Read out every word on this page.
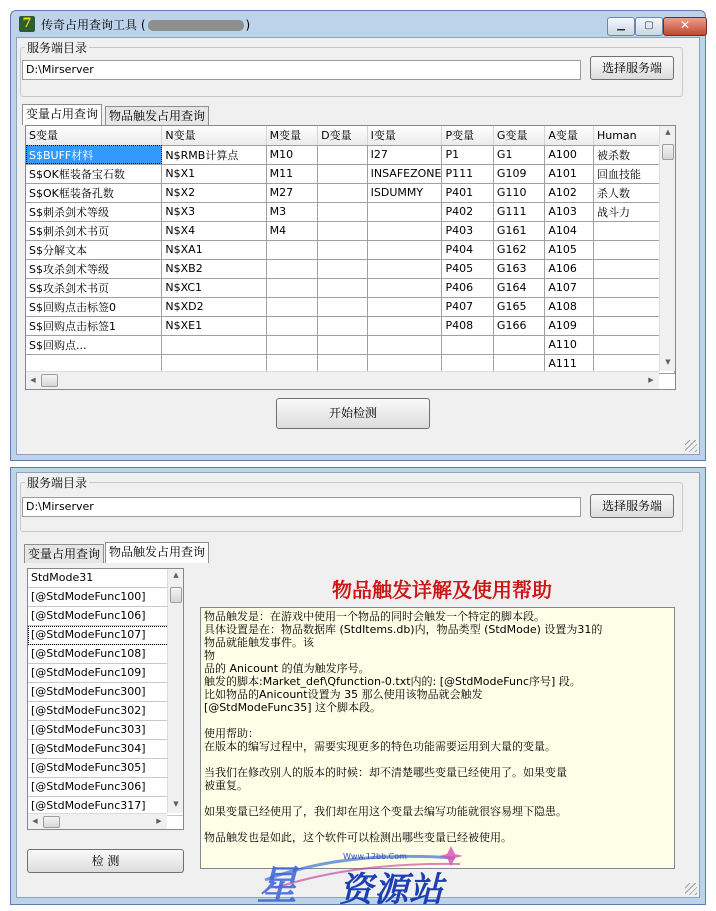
7 传奇占用查询工具 (	)	▁	▢	✕
服务端目录
D:\Mirserver	选择服务端
变量占用查询 物品触发占用查询
S变量	N变量	M变量	D变量	I变量	P变量	G变量	A变量	Human
S$BUFF材料	N$RMB计算点	M10		I27	P1	G1	A100	被杀数
S$OK框装备宝石数	N$X1	M11		INSAFEZONE	P111	G109	A101	回血技能
S$OK框装备孔数	N$X2	M27		ISDUMMY	P401	G110	A102	杀人数
S$刺杀剑术等级	N$X3	M3			P402	G111	A103	战斗力
S$刺杀剑术书页	N$X4	M4			P403	G161	A104	
S$分解文本	N$XA1				P404	G162	A105	
S$攻杀剑术等级	N$XB2				P405	G163	A106	
S$攻杀剑术书页	N$XC1				P406	G164	A107	
S$回购点击标签0	N$XD2				P407	G165	A108	
S$回购点击标签1	N$XE1				P408	G166	A109	
S$回购点...							A110	
							A111	
▲
▼
◀	▶
开始检测
服务端目录
D:\Mirserver	选择服务端
变量占用查询 物品触发占用查询
StdMode31
[@StdModeFunc100]
[@StdModeFunc106]
[@StdModeFunc107]
[@StdModeFunc108]
[@StdModeFunc109]
[@StdModeFunc300]
[@StdModeFunc302]
[@StdModeFunc303]
[@StdModeFunc304]
[@StdModeFunc305]
[@StdModeFunc306]
[@StdModeFunc317]
▲
▼
◀	▶
检 测
物品触发详解及使用帮助
物品触发是：在游戏中使用一个物品的同时会触发一个特定的脚本段。
具体设置是在：物品数据库 (StdItems.db)内，物品类型 (StdMode) 设置为31的
物品就能触发事件。该
物
品的 Anicount 的值为触发序号。
触发的脚本:Market_def\Qfunction-0.txt内的: [@StdModeFunc序号] 段。
比如物品的Anicount设置为 35 那么使用该物品就会触发
[@StdModeFunc35] 这个脚本段。

使用帮助：
在版本的编写过程中，需要实现更多的特色功能需要运用到大量的变量。

当我们在修改别人的版本的时候：却不清楚哪些变量已经使用了。如果变量
被重复。

如果变量已经使用了，我们却在用这个变量去编写功能就很容易埋下隐患。

物品触发也是如此，这个软件可以检测出哪些变量已经被使用。
Www.12bb.Com
星 资源站
